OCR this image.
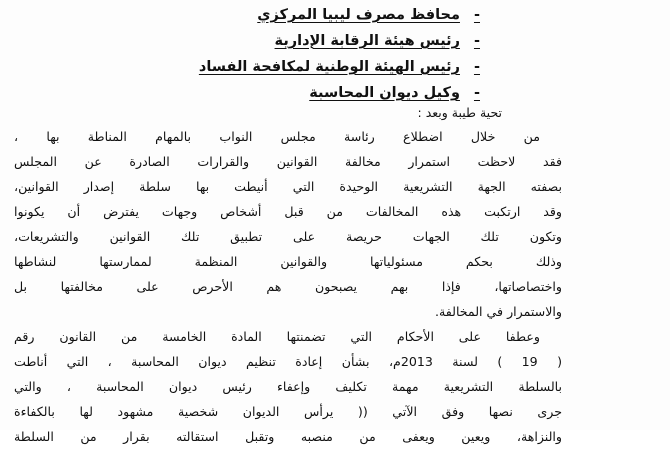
-
محافظ مصرف ليبيا المركزي
-
رئيس هيئة الرقابة الإدارية
-
رئيس الهيئة الوطنية لمكافحة الفساد
-
وكيل ديوان المحاسبة
تحية طيبة وبعد :
من خلال اضطلاع رئاسة مجلس النواب بالمهام المناطة بها ،
فقد لاحظت استمرار مخالفة القوانين والقرارات الصادرة عن المجلس
بصفته الجهة التشريعية الوحيدة التي أنيطت بها سلطة إصدار القوانين،
وقد ارتكبت هذه المخالفات من قبل أشخاص وجهات يفترض أن يكونوا
وتكون تلك الجهات حريصة على تطبيق تلك القوانين والتشريعات،
وذلك بحكم مسئولياتها والقوانين المنظمة لممارستها لنشاطها
واختصاصاتها، فإذا بهم يصبحون هم الأحرص على مخالفتها بل
والاستمرار في المخالفة.
وعطفا على الأحكام التي تضمنتها المادة الخامسة من القانون رقم
( 19 ) لسنة 2013م، بشأن إعادة تنظيم ديوان المحاسبة ، التي أناطت
بالسلطة التشريعية مهمة تكليف وإعفاء رئيس ديوان المحاسبة ، والتي
جرى نصها وفق الآتي (( يرأس الديوان شخصية مشهود لها بالكفاءة
والنزاهة، ويعين ويعفى من منصبه وتقبل استقالته بقرار من السلطة
